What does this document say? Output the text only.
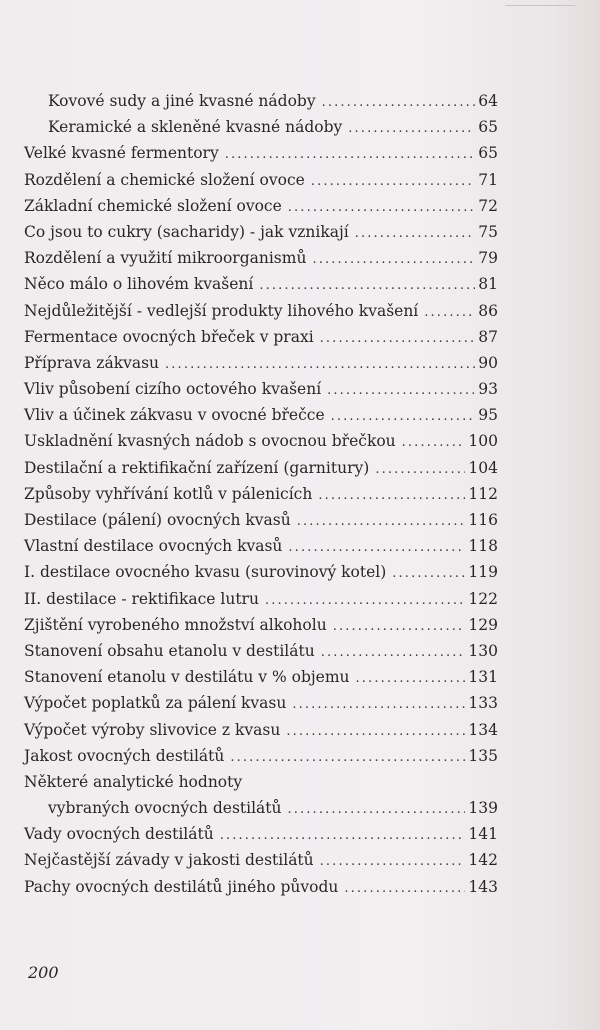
Kovové sudy a jiné kvasné nádoby . . .	64
Keramické a skleněné kvasné nádoby . . .	65
Velké kvasné fermentory . . .	65
Rozdělení a chemické složení ovoce . . .	71
Základní chemické složení ovoce . . .	72
Co jsou to cukry (sacharidy) - jak vznikají . . .	75
Rozdělení a využití mikroorganismů . . .	79
Něco málo o lihovém kvašení . . .	81
Nejdůležitější - vedlejší produkty lihového kvašení . . .	86
Fermentace ovocných břeček v praxi . . .	87
Příprava zákvasu . . .	90
Vliv působení cizího octového kvašení . . .	93
Vliv a účinek zákvasu v ovocné břečce . . .	95
Uskladnění kvasných nádob s ovocnou břečkou . . .	100
Destilační a rektifikační zařízení (garnitury) . . .	104
Způsoby vyhřívání kotlů v pálenicích . . .	112
Destilace (pálení) ovocných kvasů . . .	116
Vlastní destilace ovocných kvasů . . .	118
I. destilace ovocného kvasu (surovinový kotel) . . .	119
II. destilace - rektifikace lutru . . .	122
Zjištění vyrobeného množství alkoholu . . .	129
Stanovení obsahu etanolu v destilátu . . .	130
Stanovení etanolu v destilátu v % objemu . . .	131
Výpočet poplatků za pálení kvasu . . .	133
Výpočet výroby slivovice z kvasu . . .	134
Jakost ovocných destilátů . . .	135
Některé analytické hodnoty
vybraných ovocných destilátů . . .	139
Vady ovocných destilátů . . .	141
Nejčastější závady v jakosti destilátů . . .	142
Pachy ovocných destilátů jiného původu . . .	143
200
